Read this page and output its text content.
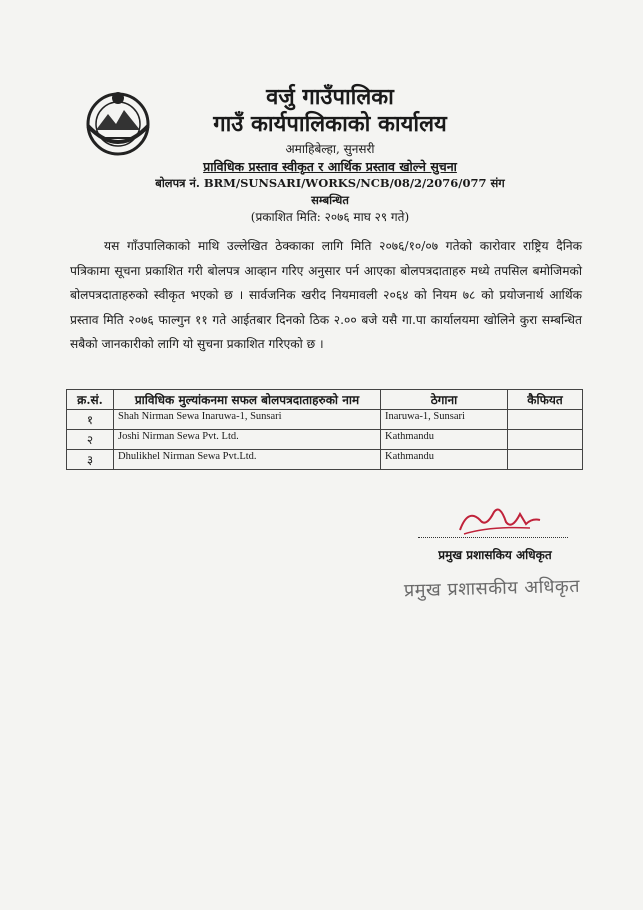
वर्जु गाउँपालिका
गाउँ कार्यपालिकाको कार्यालय
अमाहिबेल्हा, सुनसरी
प्राविधिक प्रस्ताव स्वीकृत र आर्थिक प्रस्ताव खोल्ने सुचना
बोलपत्र नं. BRM/SUNSARI/WORKS/NCB/08/2/2076/077 संग सम्बन्धित
(प्रकाशित मिति: २०७६ माघ २९ गते)
यस गाँउपालिकाको माथि उल्लेखित ठेक्काका लागि मिति २०७६/१०/०७ गतेको कारोवार राष्ट्रिय दैनिक पत्रिकामा सूचना प्रकाशित गरी बोलपत्र आव्हान गरिए अनुसार पर्न आएका बोलपत्रदाताहरु मध्ये तपसिल बमोजिमको बोलपत्रदाताहरुको स्वीकृत भएको छ । सार्वजनिक खरीद नियमावली २०६४ को नियम ७८ को प्रयोजनार्थ आर्थिक प्रस्ताव मिति २०७६ फाल्गुन ११ गते आईतबार दिनको ठिक २.०० बजे यसै गा.पा कार्यालयमा खोलिने कुरा सम्बन्धित सबैको जानकारीको लागि यो सुचना प्रकाशित गरिएको छ ।
क्र.सं.	प्राविधिक मुल्यांकनमा सफल बोलपत्रदाताहरुको नाम	ठेगाना	कैफियत
१	Shah Nirman Sewa Inaruwa-1, Sunsari	Inaruwa-1, Sunsari	
२	Joshi Nirman Sewa Pvt. Ltd.	Kathmandu	
३	Dhulikhel Nirman Sewa Pvt.Ltd.	Kathmandu	
प्रमुख प्रशासकिय अधिकृत
प्रमुख प्रशासकीय अधिकृत
